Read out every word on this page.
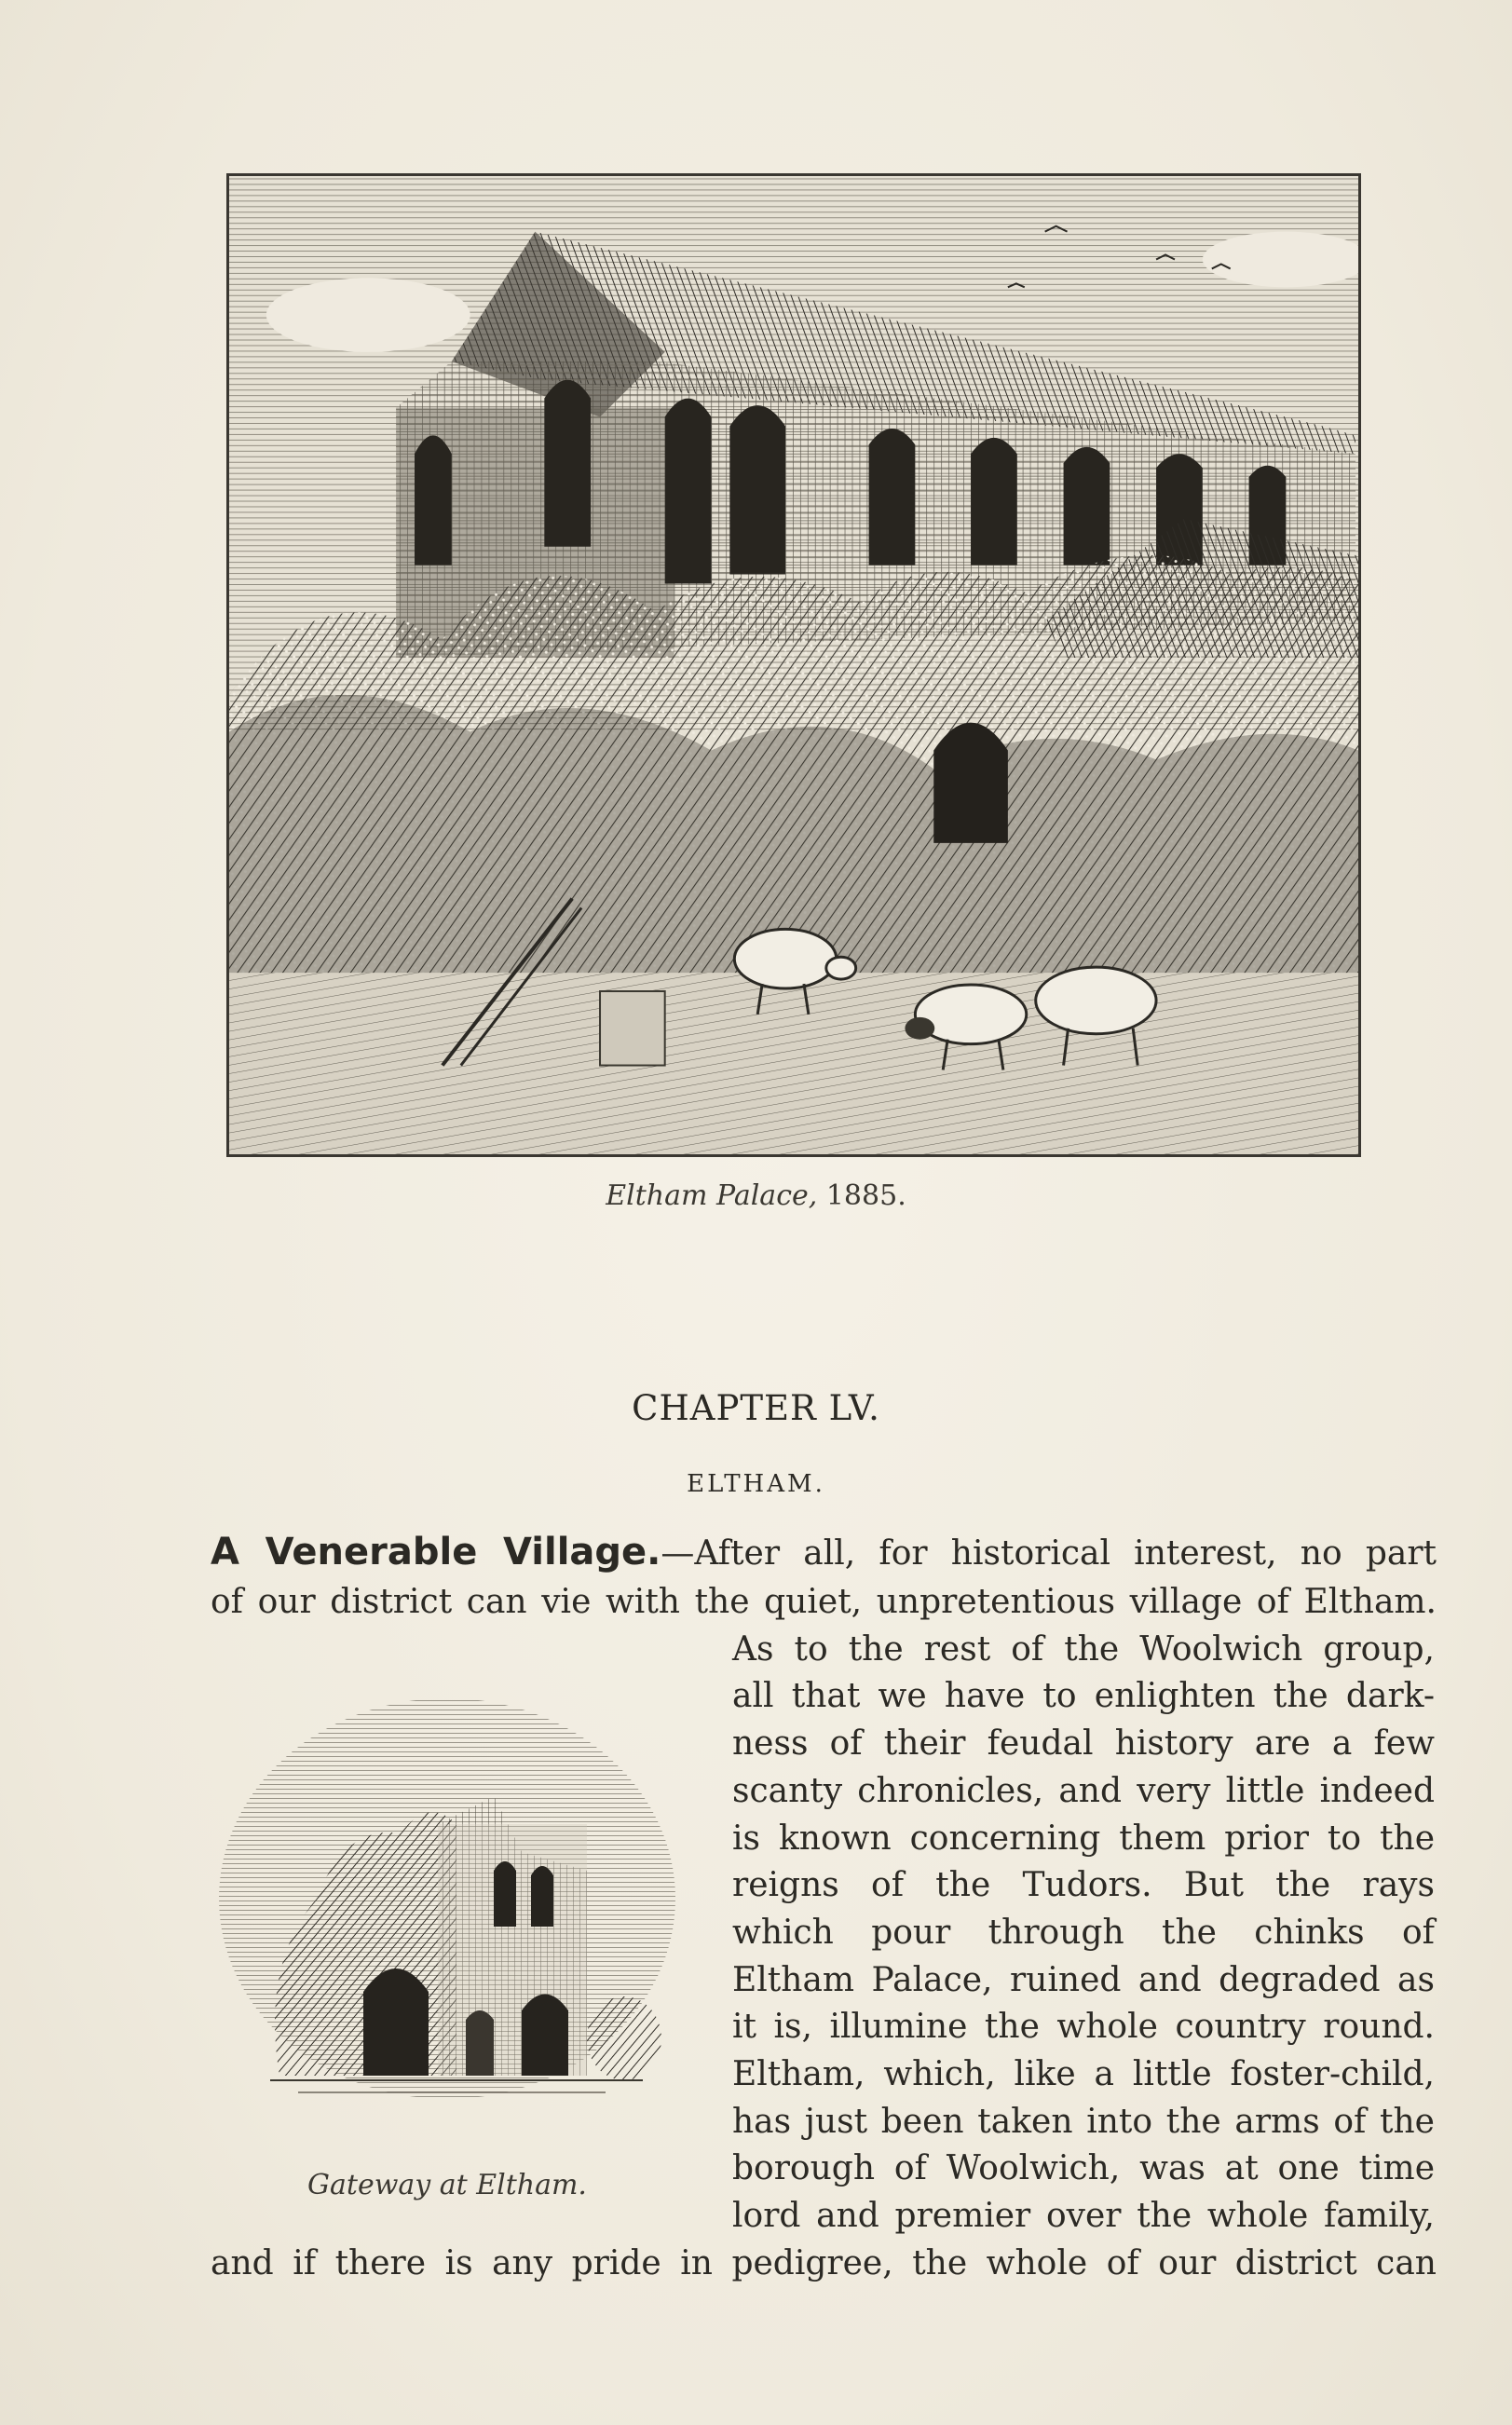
Eltham Palace, 1885.
CHAPTER LV.
ELTHAM.
A Venerable Village.—After all, for historical interest, no part
of our district can vie with the quiet, unpretentious village of Eltham.
As to the rest of the Woolwich group,
all that we have to enlighten the dark-
ness of their feudal history are a few
scanty chronicles, and very little indeed
is known concerning them prior to the
reigns of the Tudors. But the rays
which pour through the chinks of
Eltham Palace, ruined and degraded as
it is, illumine the whole country round.
Eltham, which, like a little foster-child,
has just been taken into the arms of the
borough of Woolwich, was at one time
lord and premier over the whole family,
and if there is any pride in pedigree, the whole of our district can
Gateway at Eltham.
